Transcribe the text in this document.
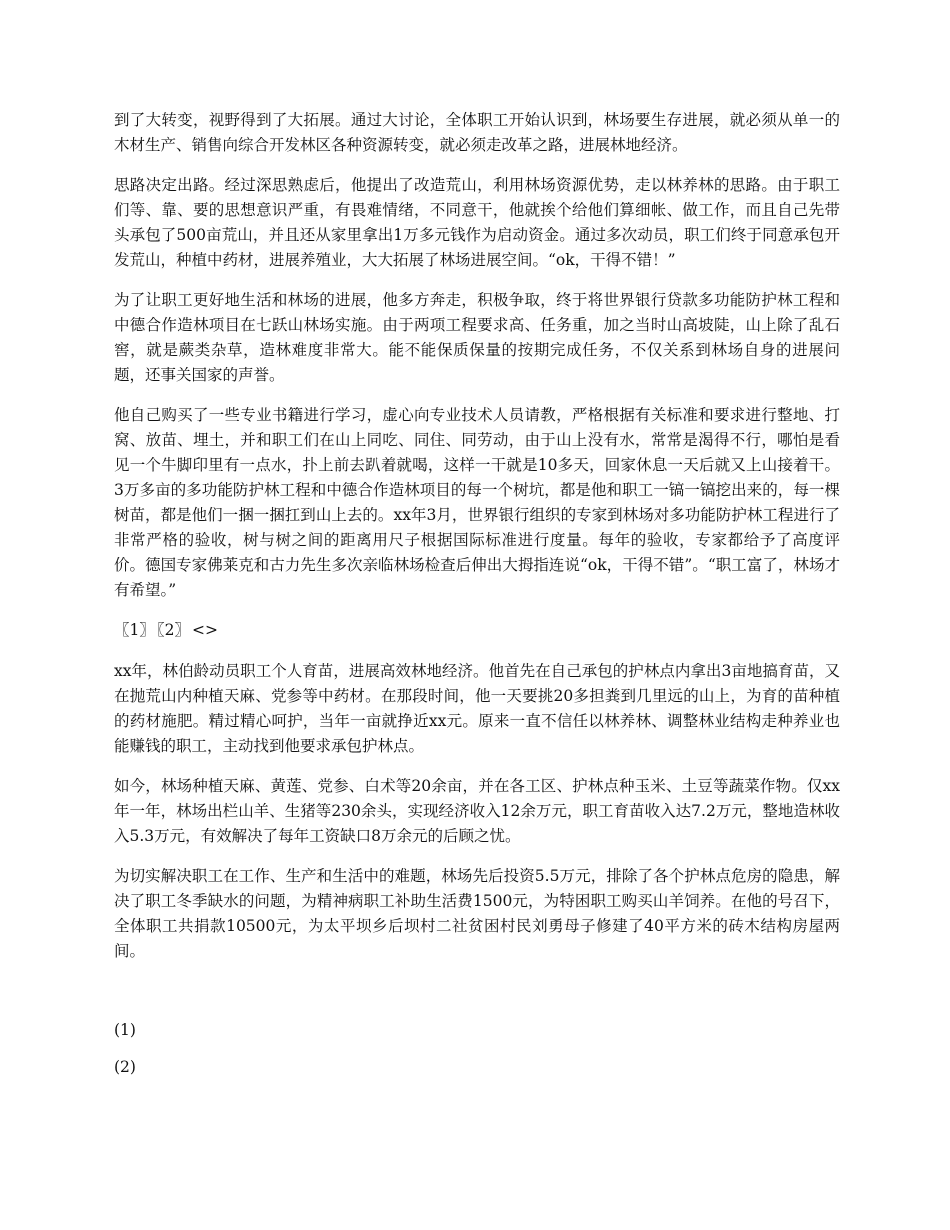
到了大转变，视野得到了大拓展。通过大讨论，全体职工开始认识到，林场要生存进展，就必须从单一的木材生产、销售向综合开发林区各种资源转变，就必须走改革之路，进展林地经济。

思路决定出路。经过深思熟虑后，他提出了改造荒山，利用林场资源优势，走以林养林的思路。由于职工们等、靠、要的思想意识严重，有畏难情绪，不同意干，他就挨个给他们算细帐、做工作，而且自己先带头承包了500亩荒山，并且还从家里拿出1万多元钱作为启动资金。通过多次动员，职工们终于同意承包开发荒山，种植中药材，进展养殖业，大大拓展了林场进展空间。“ok，干得不错！”

为了让职工更好地生活和林场的进展，他多方奔走，积极争取，终于将世界银行贷款多功能防护林工程和中德合作造林项目在七跃山林场实施。由于两项工程要求高、任务重，加之当时山高坡陡，山上除了乱石窖，就是蕨类杂草，造林难度非常大。能不能保质保量的按期完成任务，不仅关系到林场自身的进展问题，还事关国家的声誉。

他自己购买了一些专业书籍进行学习，虚心向专业技术人员请教，严格根据有关标准和要求进行整地、打窝、放苗、埋土，并和职工们在山上同吃、同住、同劳动，由于山上没有水，常常是渴得不行，哪怕是看见一个牛脚印里有一点水，扑上前去趴着就喝，这样一干就是10多天，回家休息一天后就又上山接着干。3万多亩的多功能防护林工程和中德合作造林项目的每一个树坑，都是他和职工一镐一镐挖出来的，每一棵树苗，都是他们一捆一捆扛到山上去的。xx年3月，世界银行组织的专家到林场对多功能防护林工程进行了非常严格的验收，树与树之间的距离用尺子根据国际标准进行度量。每年的验收，专家都给予了高度评价。德国专家佛莱克和古力先生多次亲临林场检查后伸出大拇指连说“ok，干得不错”。“职工富了，林场才有希望。”

〖1〗 〖2〗 <>

xx年，林伯龄动员职工个人育苗，进展高效林地经济。他首先在自己承包的护林点内拿出3亩地搞育苗，又在抛荒山内种植天麻、党参等中药材。在那段时间，他一天要挑20多担粪到几里远的山上，为育的苗种植的药材施肥。精过精心呵护，当年一亩就挣近xx元。原来一直不信任以林养林、调整林业结构走种养业也能赚钱的职工，主动找到他要求承包护林点。

如今，林场种植天麻、黄莲、党参、白术等20余亩，并在各工区、护林点种玉米、土豆等蔬菜作物。仅xx年一年，林场出栏山羊、生猪等230余头，实现经济收入12余万元，职工育苗收入达7.2万元，整地造林收入5.3万元，有效解决了每年工资缺口8万余元的后顾之忧。

为切实解决职工在工作、生产和生活中的难题，林场先后投资5.5万元，排除了各个护林点危房的隐患，解决了职工冬季缺水的问题，为精神病职工补助生活费1500元，为特困职工购买山羊饲养。在他的号召下，全体职工共捐款10500元，为太平坝乡后坝村二社贫困村民刘勇母子修建了40平方米的砖木结构房屋两间。

(1)
(2)
